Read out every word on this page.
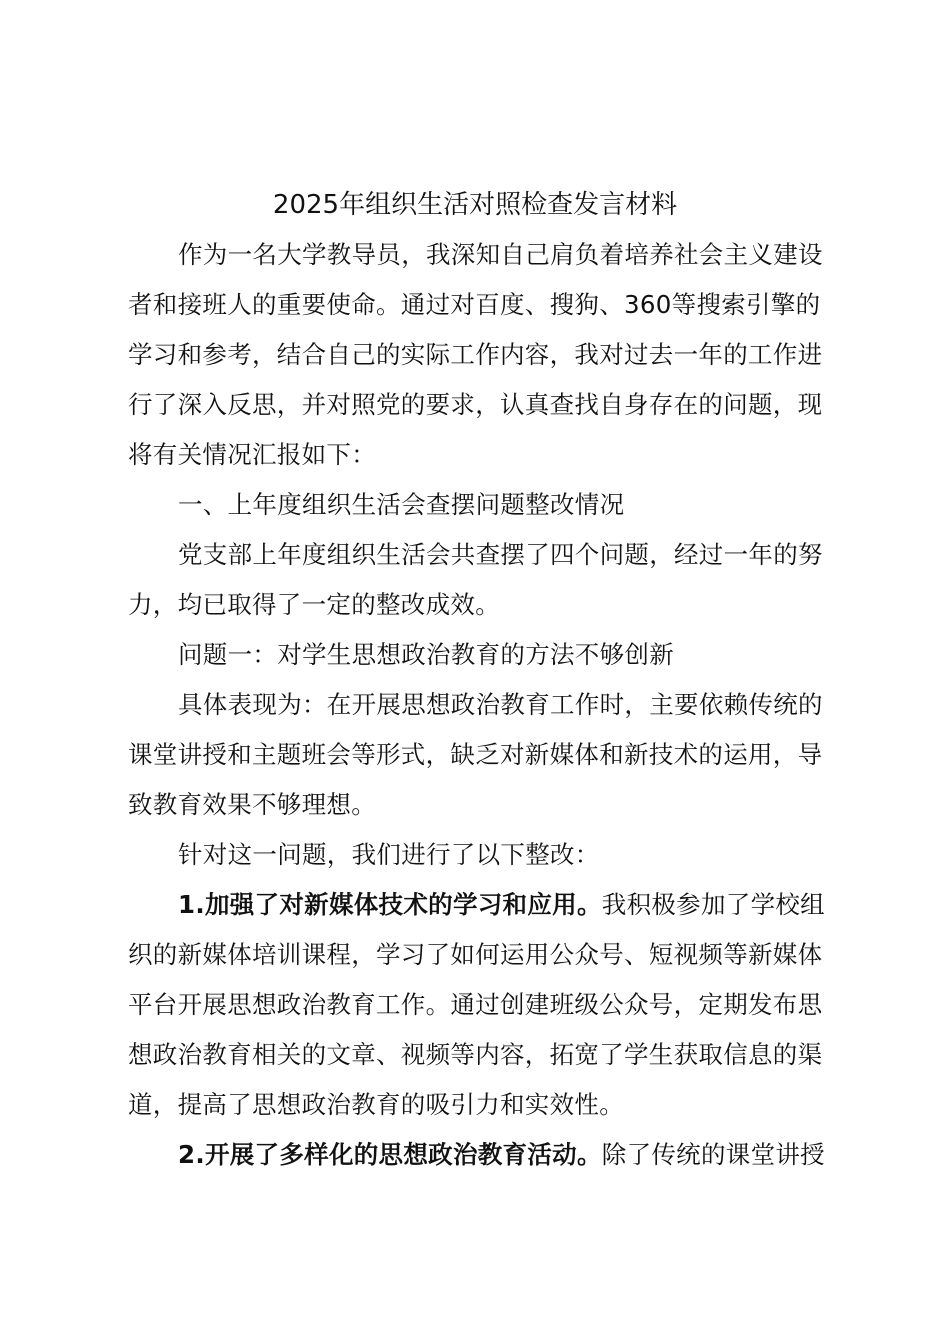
2025年组织生活对照检查发言材料

作为一名大学教导员，我深知自己肩负着培养社会主义建设者和接班人的重要使命。通过对百度、搜狗、360等搜索引擎的学习和参考，结合自己的实际工作内容，我对过去一年的工作进行了深入反思，并对照党的要求，认真查找自身存在的问题，现将有关情况汇报如下：

一、上年度组织生活会查摆问题整改情况

党支部上年度组织生活会共查摆了四个问题，经过一年的努力，均已取得了一定的整改成效。

问题一：对学生思想政治教育的方法不够创新

具体表现为：在开展思想政治教育工作时，主要依赖传统的课堂讲授和主题班会等形式，缺乏对新媒体和新技术的运用，导致教育效果不够理想。

针对这一问题，我们进行了以下整改：

1.加强了对新媒体技术的学习和应用。我积极参加了学校组织的新媒体培训课程，学习了如何运用公众号、短视频等新媒体平台开展思想政治教育工作。通过创建班级公众号，定期发布思想政治教育相关的文章、视频等内容，拓宽了学生获取信息的渠道，提高了思想政治教育的吸引力和实效性。

2.开展了多样化的思想政治教育活动。除了传统的课堂讲授
